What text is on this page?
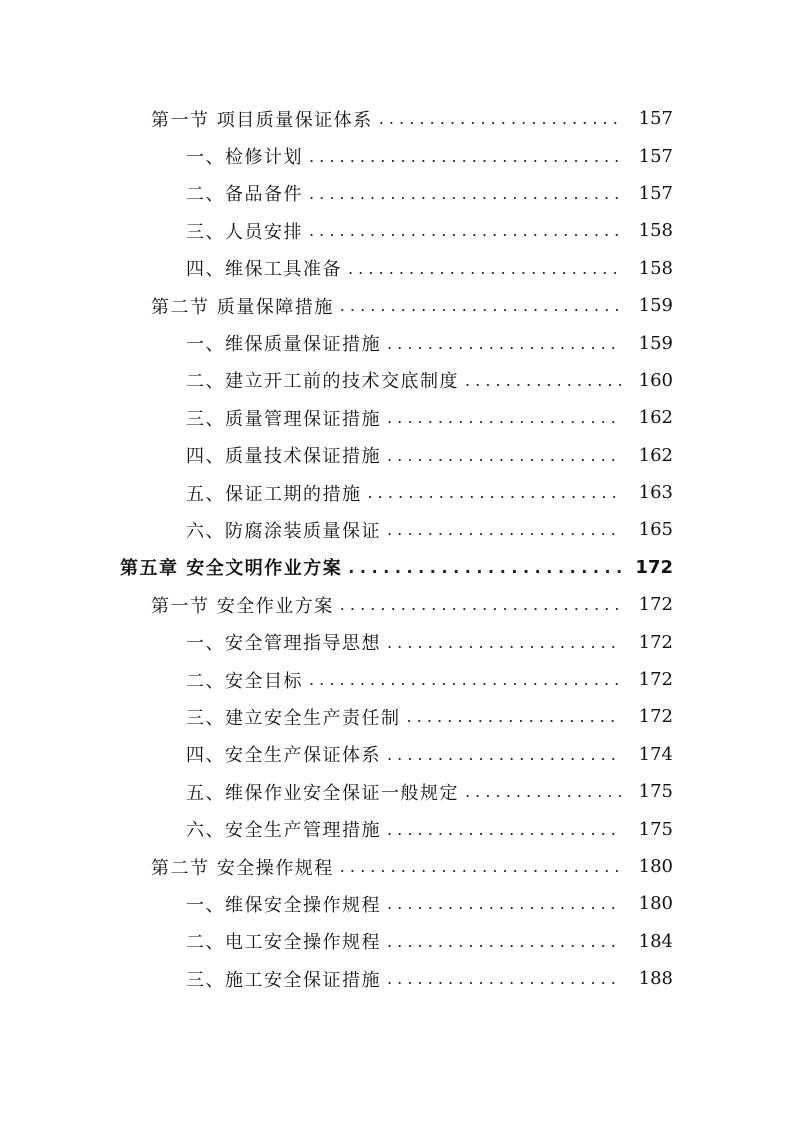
第一节 项目质量保证体系 . . .	157
一、检修计划 . . .	157
二、备品备件 . . .	157
三、人员安排 . . .	158
四、维保工具准备 . . .	158
第二节 质量保障措施 . . .	159
一、维保质量保证措施 . . .	159
二、建立开工前的技术交底制度 . . .	160
三、质量管理保证措施 . . .	162
四、质量技术保证措施 . . .	162
五、保证工期的措施 . . .	163
六、防腐涂装质量保证 . . .	165
第五章 安全文明作业方案 . . .	172
第一节 安全作业方案 . . .	172
一、安全管理指导思想 . . .	172
二、安全目标 . . .	172
三、建立安全生产责任制 . . .	172
四、安全生产保证体系 . . .	174
五、维保作业安全保证一般规定 . . .	175
六、安全生产管理措施 . . .	175
第二节 安全操作规程 . . .	180
一、维保安全操作规程 . . .	180
二、电工安全操作规程 . . .	184
三、施工安全保证措施 . . .	188
